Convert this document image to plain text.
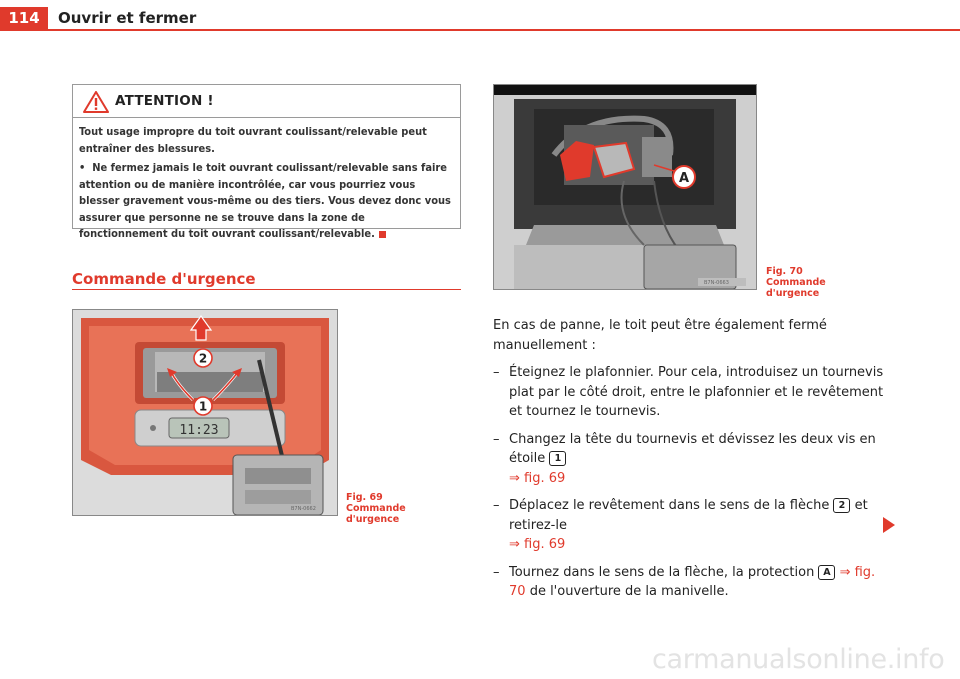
114	Ouvrir et fermer
ATTENTION !

Tout usage impropre du toit ouvrant coulissant/relevable peut entraîner des blessures.

• Ne fermez jamais le toit ouvrant coulissant/relevable sans faire attention ou de manière incontrôlée, car vous pourriez vous blesser gravement vous-même ou des tiers. Vous devez donc vous assurer que personne ne se trouve dans la zone de fonctionnement du toit ouvrant coulissant/relevable.

Commande d'urgence
11:23
1
2
B7N-0662
Fig. 69 Commande d'urgence
A
B7N-0663
Fig. 70 Commande d'urgence

En cas de panne, le toit peut être également fermé manuellement :

– Éteignez le plafonnier. Pour cela, introduisez un tournevis plat par le côté droit, entre le plafonnier et le revêtement et tournez le tournevis.

– Changez la tête du tournevis et dévissez les deux vis en étoile 1
⇒ fig. 69

– Déplacez le revêtement dans le sens de la flèche 2 et retirez-le
⇒ fig. 69

– Tournez dans le sens de la flèche, la protection A ⇒ fig. 70 de l'ouverture de la manivelle.

carmanualsonline.info
